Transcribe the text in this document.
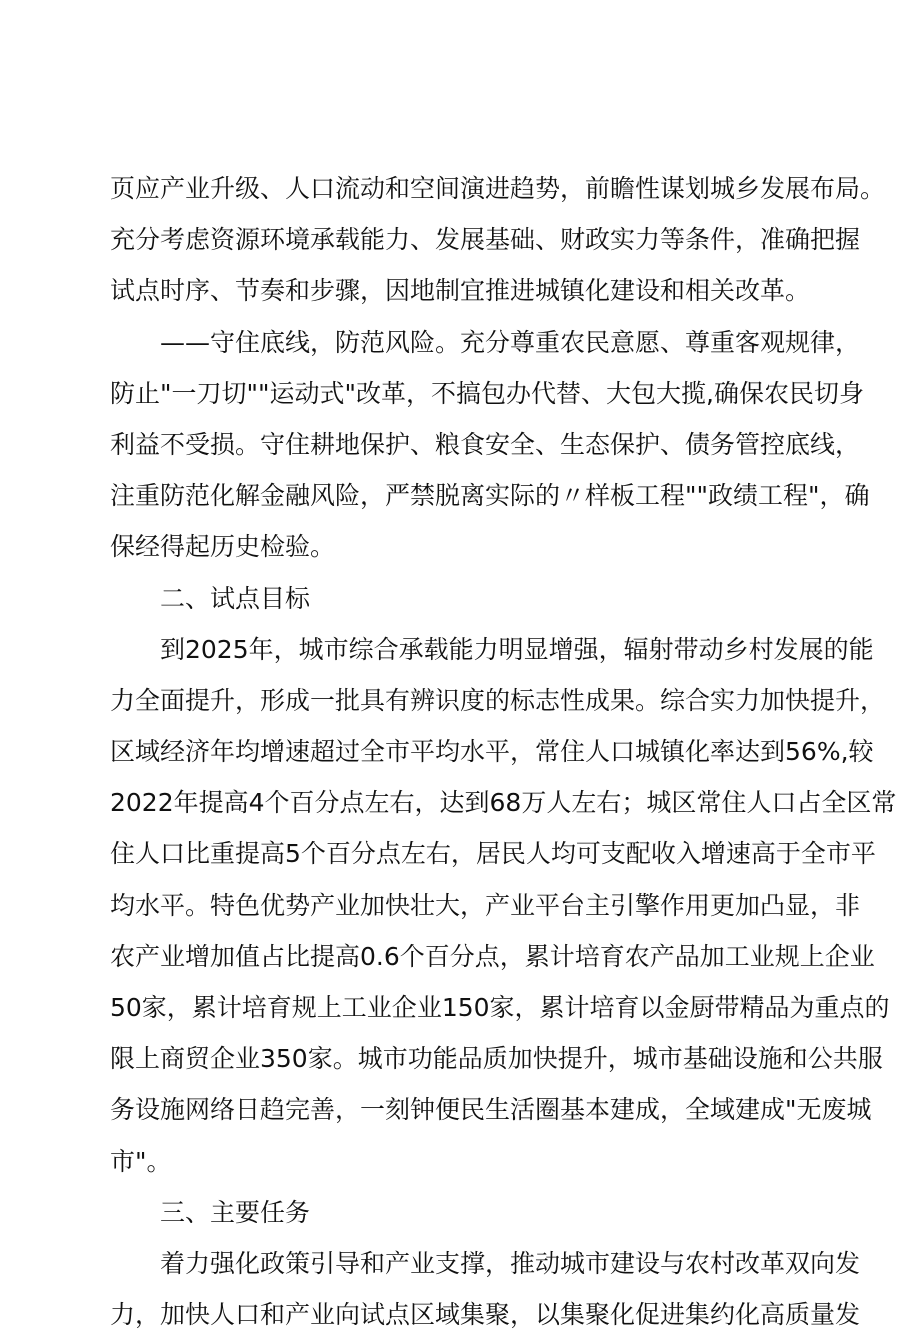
页应产业升级、人口流动和空间演进趋势，前瞻性谋划城乡发展布局。
充分考虑资源环境承载能力、发展基础、财政实力等条件，准确把握
试点时序、节奏和步骤，因地制宜推进城镇化建设和相关改革。
——守住底线，防范风险。充分尊重农民意愿、尊重客观规律，
防止"一刀切""运动式"改革，不搞包办代替、大包大揽,确保农民切身
利益不受损。守住耕地保护、粮食安全、生态保护、债务管控底线，
注重防范化解金融风险，严禁脱离实际的〃样板工程""政绩工程"，确
保经得起历史检验。
二、试点目标
到2025年，城市综合承载能力明显增强，辐射带动乡村发展的能
力全面提升，形成一批具有辨识度的标志性成果。综合实力加快提升，
区域经济年均增速超过全市平均水平，常住人口城镇化率达到56%,较
2022年提高4个百分点左右，达到68万人左右；城区常住人口占全区常
住人口比重提高5个百分点左右，居民人均可支配收入增速高于全市平
均水平。特色优势产业加快壮大，产业平台主引擎作用更加凸显，非
农产业增加值占比提高0.6个百分点，累计培育农产品加工业规上企业
50家，累计培育规上工业企业150家，累计培育以金厨带精品为重点的
限上商贸企业350家。城市功能品质加快提升，城市基础设施和公共服
务设施网络日趋完善，一刻钟便民生活圈基本建成，全域建成"无废城
市"。
三、主要任务
着力强化政策引导和产业支撑，推动城市建设与农村改革双向发
力，加快人口和产业向试点区域集聚，以集聚化促进集约化高质量发
